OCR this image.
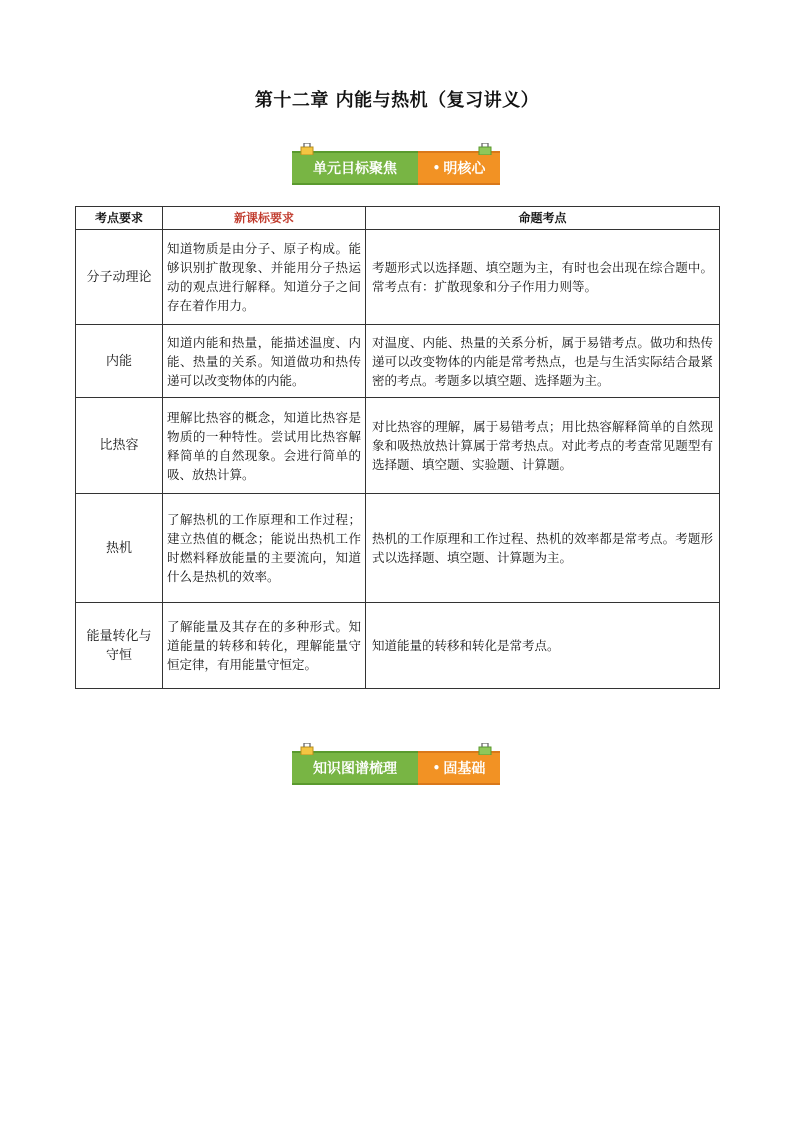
第十二章 内能与热机（复习讲义）
单元目标聚焦	• 明核心
考点要求	新课标要求	命题考点
分子动理论	知道物质是由分子、原子构成。能够识别扩散现象、并能用分子热运动的观点进行解释。知道分子之间存在着作用力。	考题形式以选择题、填空题为主，有时也会出现在综合题中。常考点有：扩散现象和分子作用力则等。
内能	知道内能和热量，能描述温度、内能、热量的关系。知道做功和热传递可以改变物体的内能。	对温度、内能、热量的关系分析，属于易错考点。做功和热传递可以改变物体的内能是常考热点，也是与生活实际结合最紧密的考点。考题多以填空题、选择题为主。
比热容	理解比热容的概念，知道比热容是物质的一种特性。尝试用比热容解释简单的自然现象。会进行简单的吸、放热计算。	对比热容的理解，属于易错考点；用比热容解释简单的自然现象和吸热放热计算属于常考热点。对此考点的考查常见题型有选择题、填空题、实验题、计算题。
热机	了解热机的工作原理和工作过程；建立热值的概念；能说出热机工作时燃料释放能量的主要流向，知道什么是热机的效率。	热机的工作原理和工作过程、热机的效率都是常考点。考题形式以选择题、填空题、计算题为主。
能量转化与守恒	了解能量及其存在的多种形式。知道能量的转移和转化，理解能量守恒定律，有用能量守恒定。	知道能量的转移和转化是常考点。
知识图谱梳理	• 固基础
